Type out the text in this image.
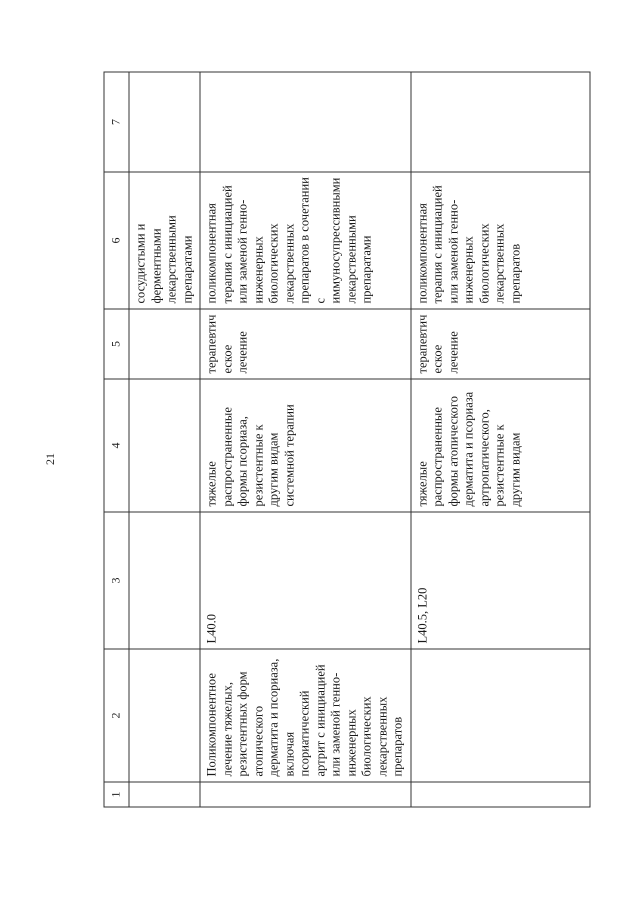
21
1	2	3	4	5	6	7
					сосудистыми и ферментными лекарственными препаратами	
	Поликомпонентное лечение тяжелых, резистентных форм атопического дерматита и псориаза, включая псориатический артрит с инициацией или заменой генно-инженерных биологических лекарственных препаратов	L40.0	тяжелые распространенные формы псориаза, резистентные к другим видам системной терапии	терапевтическое лечение	поликомпонентная терапия с инициацией или заменой генно-инженерных биологических лекарственных препаратов в сочетании с иммуносупрессивными лекарственными препаратами	
		L40.5, L20	тяжелые распространенные формы атопического дерматита и псориаза артропатического, резистентные к другим видам	терапевтическое лечение	поликомпонентная терапия с инициацией или заменой генно-инженерных биологических лекарственных препаратов	
